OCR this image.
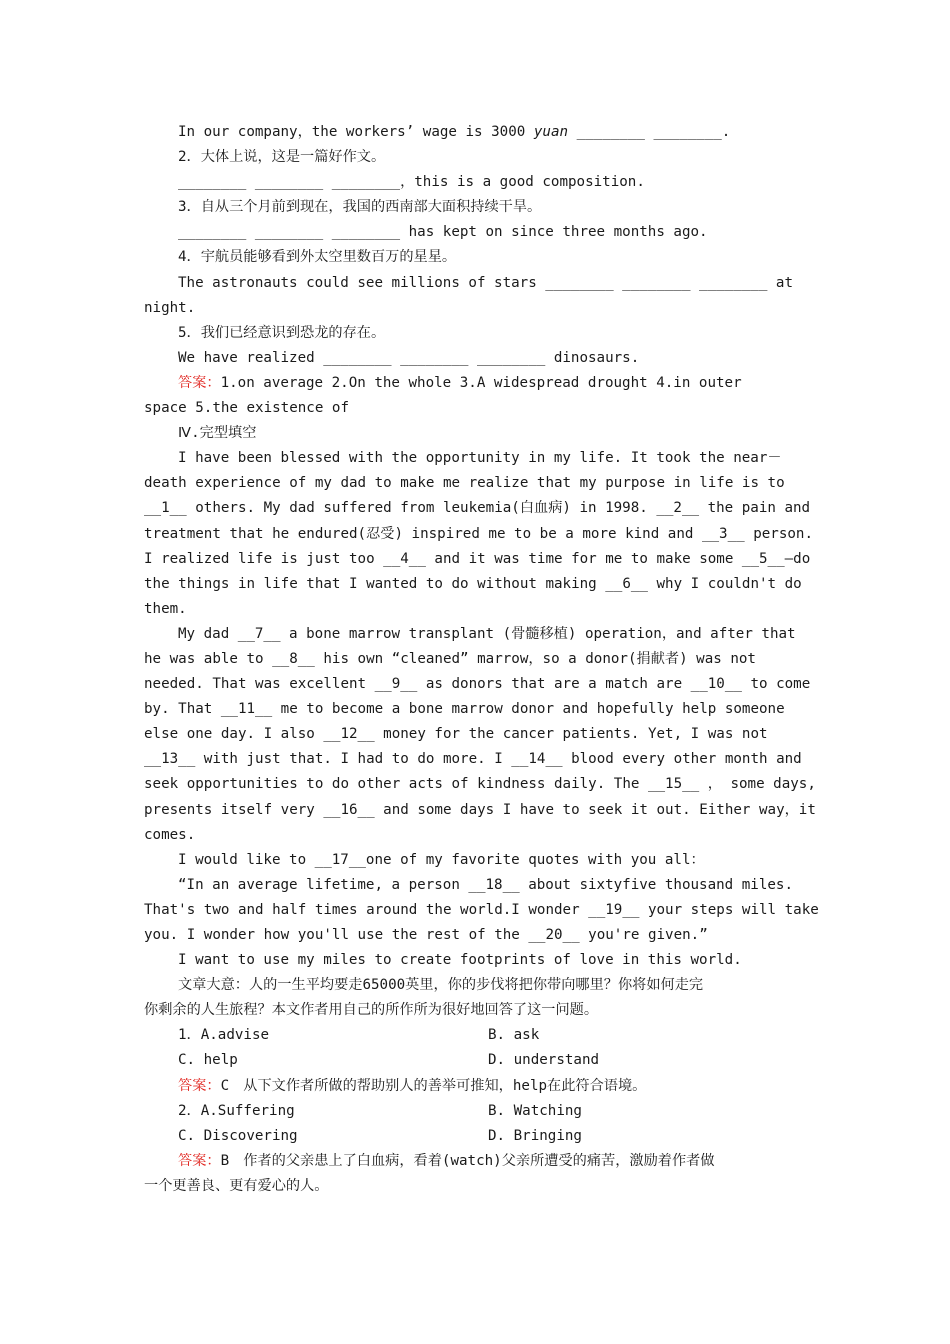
In our company，the workers’ wage is 3000 yuan ________ ________.
2．大体上说，这是一篇好作文。
________ ________ ________，this is a good composition.
3．自从三个月前到现在，我国的西南部大面积持续干旱。
________ ________ ________ has kept on since three months ago.
4．宇航员能够看到外太空里数百万的星星。
The astronauts could see millions of stars ________ ________ ________ at
night.
5．我们已经意识到恐龙的存在。
We have realized ________ ________ ________ dinosaurs.
答案：1.on average 2.On the whole 3.A widespread drought 4.in outer
space 5.the existence of
Ⅳ.完型填空
I have been blessed with the opportunity in my life. It took the near－
death experience of my dad to make me realize that my purpose in life is to
__1__ others. My dad suffered from leukemia(白血病) in 1998. __2__ the pain and
treatment that he endured(忍受) inspired me to be a more kind and __3__ person.
I realized life is just too __4__ and it was time for me to make some __5__—do
the things in life that I wanted to do without making __6__ why I couldn't do
them.
My dad __7__ a bone marrow transplant (骨髓移植) operation，and after that
he was able to __8__ his own “cleaned” marrow，so a donor(捐献者) was not
needed. That was excellent __9__ as donors that are a match are __10__ to come
by. That __11__ me to become a bone marrow donor and hopefully help someone
else one day. I also __12__ money for the cancer patients. Yet, I was not
__13__ with just that. I had to do more. I __14__ blood every other month and
seek opportunities to do other acts of kindness daily. The __15__ ， some days,
presents itself very __16__ and some days I have to seek it out. Either way，it
comes.
I would like to __17__one of my favorite quotes with you all：
“In an average lifetime, a person __18__ about sixtyfive thousand miles.
That's two and half times around the world.I wonder __19__ your steps will take
you. I wonder how you'll use the rest of the __20__ you're given.”
I want to use my miles to create footprints of love in this world.
文章大意：人的一生平均要走65000英里，你的步伐将把你带向哪里？你将如何走完
你剩余的人生旅程？本文作者用自己的所作所为很好地回答了这一问题。
1．A.advise	B. ask
C. help	D. understand
答案：C　从下文作者所做的帮助别人的善举可推知，help在此符合语境。
2．A.Suffering	B. Watching
C. Discovering	D. Bringing
答案：B　作者的父亲患上了白血病，看着(watch)父亲所遭受的痛苦，激励着作者做
一个更善良、更有爱心的人。
